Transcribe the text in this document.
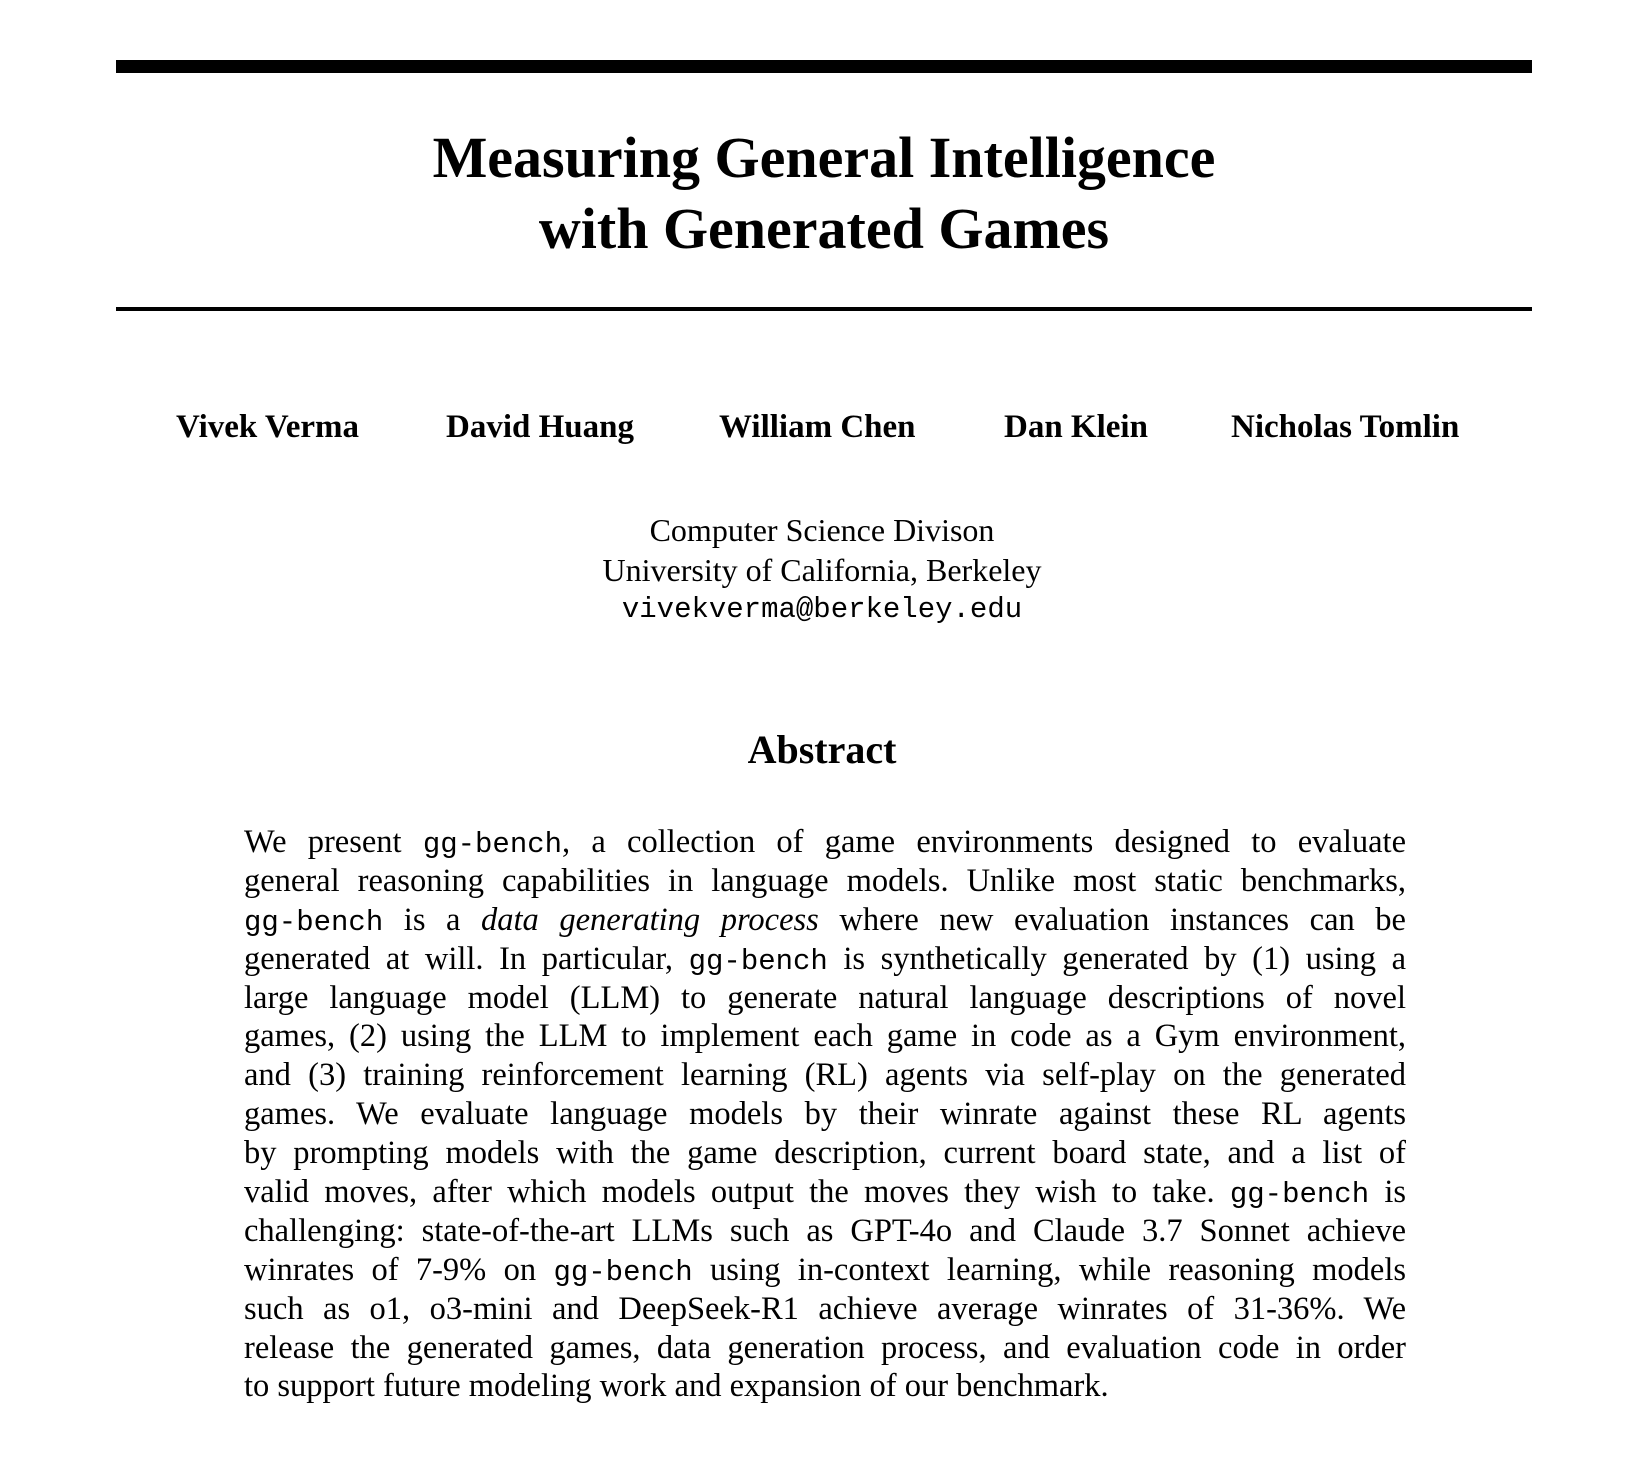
Measuring General Intelligence
with Generated Games
Vivek Verma	David Huang	William Chen	Dan Klein	Nicholas Tomlin
Computer Science Divison
University of California, Berkeley
vivekverma@berkeley.edu
Abstract
We present gg-bench, a collection of game environments designed to evaluate
general reasoning capabilities in language models. Unlike most static benchmarks,
gg-bench is a data generating process where new evaluation instances can be
generated at will. In particular, gg-bench is synthetically generated by (1) using a
large language model (LLM) to generate natural language descriptions of novel
games, (2) using the LLM to implement each game in code as a Gym environment,
and (3) training reinforcement learning (RL) agents via self-play on the generated
games. We evaluate language models by their winrate against these RL agents
by prompting models with the game description, current board state, and a list of
valid moves, after which models output the moves they wish to take. gg-bench is
challenging: state-of-the-art LLMs such as GPT-4o and Claude 3.7 Sonnet achieve
winrates of 7-9% on gg-bench using in-context learning, while reasoning models
such as o1, o3-mini and DeepSeek-R1 achieve average winrates of 31-36%. We
release the generated games, data generation process, and evaluation code in order
to support future modeling work and expansion of our benchmark.
